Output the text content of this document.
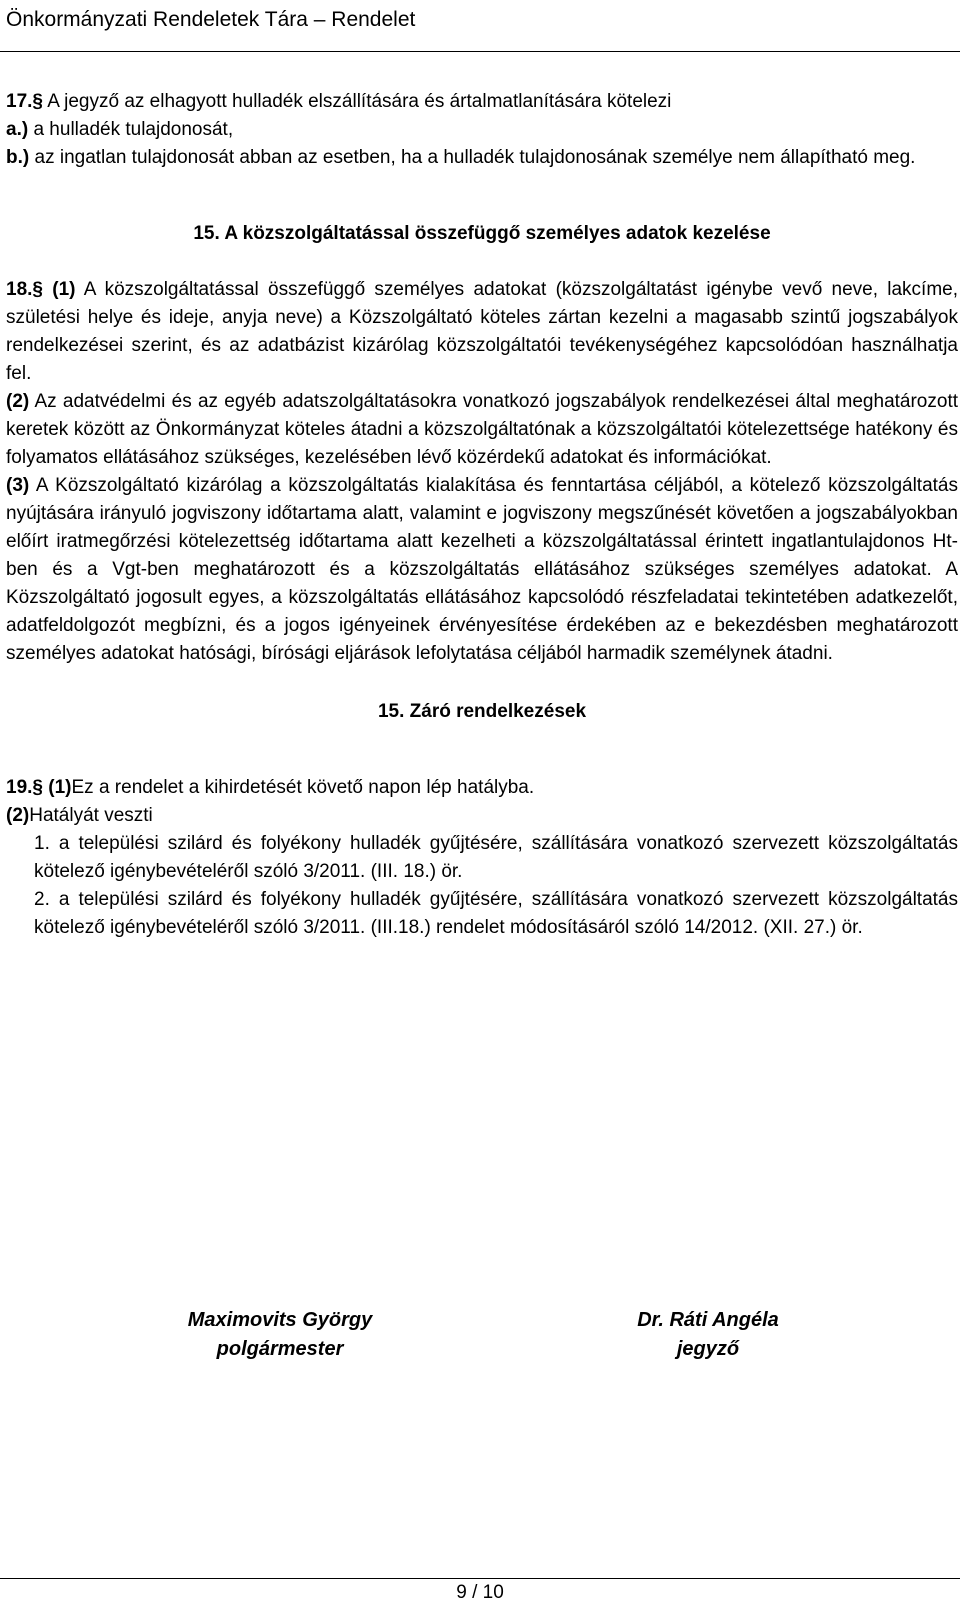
Önkormányzati Rendeletek Tára – Rendelet
17.§ A jegyző az elhagyott hulladék elszállítására és ártalmatlanítására kötelezi
a.) a hulladék tulajdonosát,
b.) az ingatlan tulajdonosát abban az esetben, ha a hulladék tulajdonosának személye nem állapítható meg.
15. A közszolgáltatással összefüggő személyes adatok kezelése
18.§ (1) A közszolgáltatással összefüggő személyes adatokat (közszolgáltatást igénybe vevő neve, lakcíme, születési helye és ideje, anyja neve) a Közszolgáltató köteles zártan kezelni a magasabb szintű jogszabályok rendelkezései szerint, és az adatbázist kizárólag közszolgáltatói tevékenységéhez kapcsolódóan használhatja fel.
(2) Az adatvédelmi és az egyéb adatszolgáltatásokra vonatkozó jogszabályok rendelkezései által meghatározott keretek között az Önkormányzat köteles átadni a közszolgáltatónak a közszolgáltatói kötelezettsége hatékony és folyamatos ellátásához szükséges, kezelésében lévő közérdekű adatokat és információkat.
(3) A Közszolgáltató kizárólag a közszolgáltatás kialakítása és fenntartása céljából, a kötelező közszolgáltatás nyújtására irányuló jogviszony időtartama alatt, valamint e jogviszony megszűnését követően a jogszabályokban előírt iratmegőrzési kötelezettség időtartama alatt kezelheti a közszolgáltatással érintett ingatlantulajdonos Ht-ben és a Vgt-ben meghatározott és a közszolgáltatás ellátásához szükséges személyes adatokat. A Közszolgáltató jogosult egyes, a közszolgáltatás ellátásához kapcsolódó részfeladatai tekintetében adatkezelőt, adatfeldolgozót megbízni, és a jogos igényeinek érvényesítése érdekében az e bekezdésben meghatározott személyes adatokat hatósági, bírósági eljárások lefolytatása céljából harmadik személynek átadni.
15. Záró rendelkezések
19.§ (1)Ez a rendelet a kihirdetését követő napon lép hatályba.
(2)Hatályát veszti
1. a települési szilárd és folyékony hulladék gyűjtésére, szállítására vonatkozó szervezett közszolgáltatás kötelező igénybevételéről szóló 3/2011. (III. 18.) ör.
2. a települési szilárd és folyékony hulladék gyűjtésére, szállítására vonatkozó szervezett közszolgáltatás kötelező igénybevételéről szóló 3/2011. (III.18.) rendelet módosításáról szóló 14/2012. (XII. 27.) ör.
Maximovits György
polgármester
Dr. Ráti Angéla
jegyző
9 / 10
